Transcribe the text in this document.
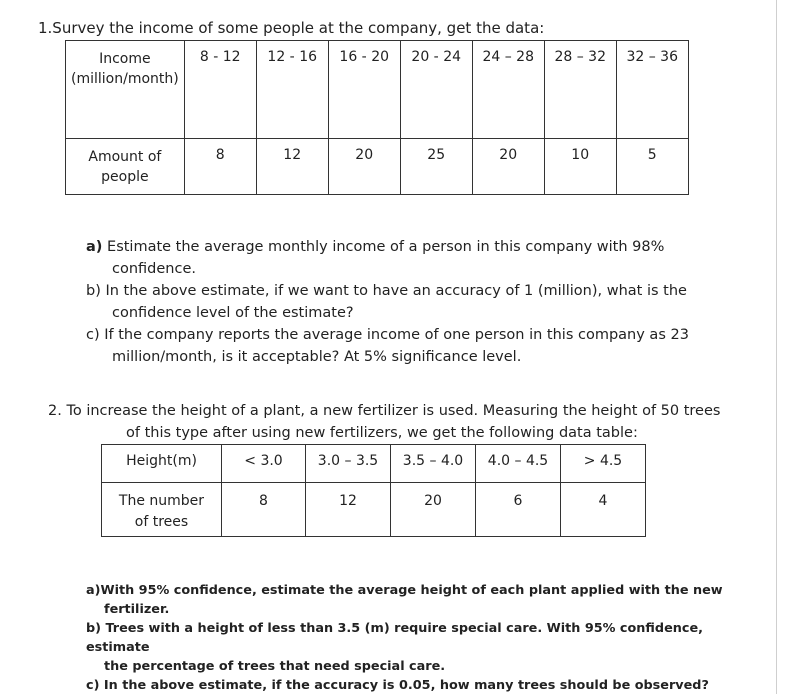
1.Survey the income of some people at the company, get the data:
Income (million/month)	8 - 12	12 - 16	16 - 20	20 - 24	24 – 28	28 – 32	32 – 36
Amount of people	8	12	20	25	20	10	5

a) Estimate the average monthly income of a person in this company with 98%

confidence.

b) In the above estimate, if we want to have an accuracy of 1 (million), what is the

confidence level of the estimate?

c) If the company reports the average income of one person in this company as 23

million/month, is it acceptable? At 5% significance level.

2. To increase the height of a plant, a new fertilizer is used. Measuring the height of 50 trees
of this type after using new fertilizers, we get the following data table:
Height(m)	< 3.0	3.0 – 3.5	3.5 – 4.0	4.0 – 4.5	> 4.5
The number of trees	8	12	20	6	4
a)With 95% confidence, estimate the average height of each plant applied with the new
fertilizer.
b) Trees with a height of less than 3.5 (m) require special care. With 95% confidence, estimate
the percentage of trees that need special care.
c) In the above estimate, if the accuracy is 0.05, how many trees should be observed?
